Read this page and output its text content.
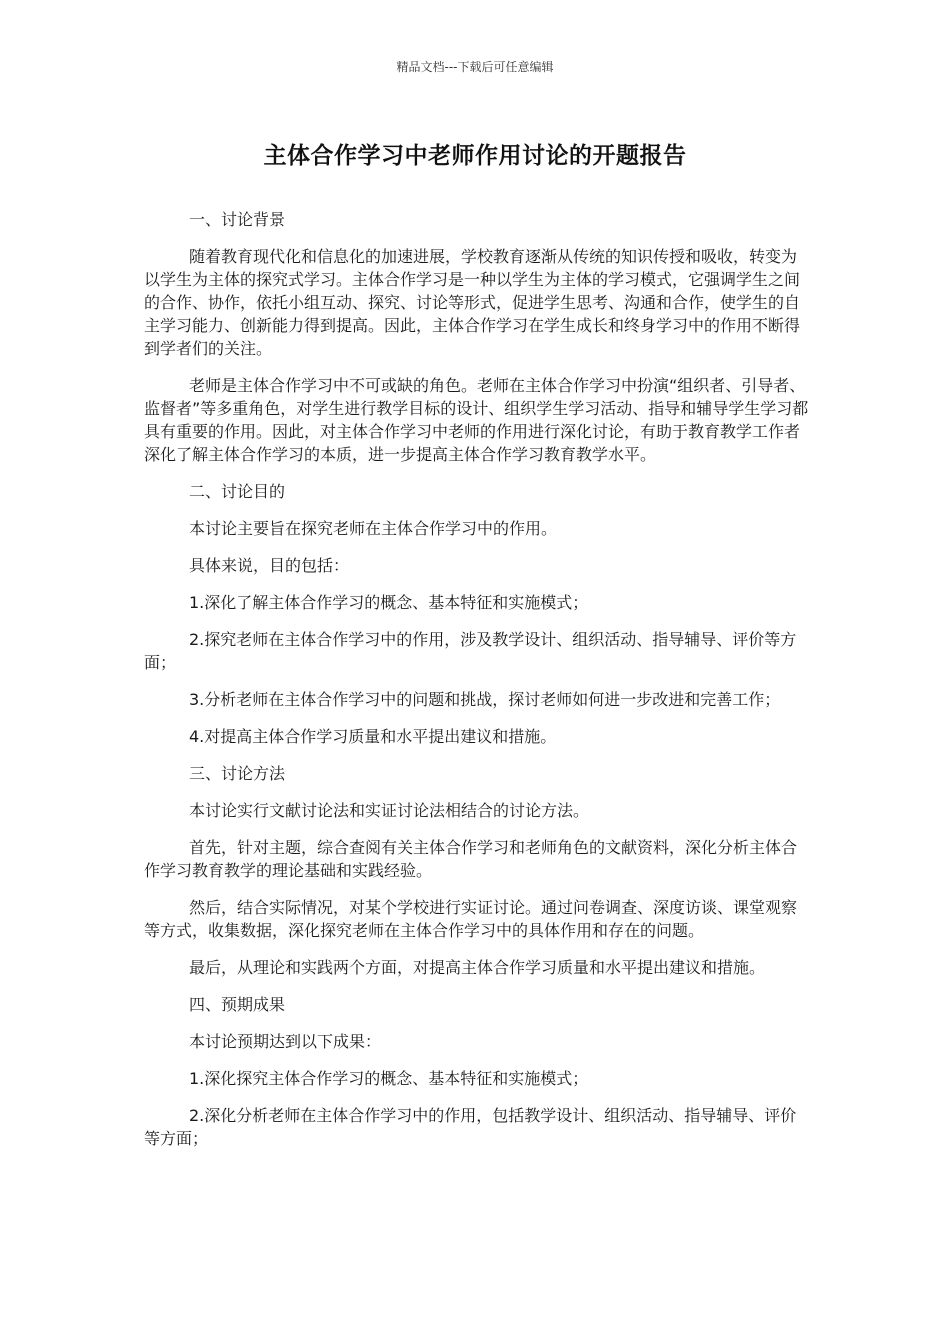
精品文档---下载后可任意编辑
主体合作学习中老师作用讨论的开题报告

一、讨论背景

随着教育现代化和信息化的加速进展，学校教育逐渐从传统的知识传授和吸收，转变为以学生为主体的探究式学习。主体合作学习是一种以学生为主体的学习模式，它强调学生之间的合作、协作，依托小组互动、探究、讨论等形式，促进学生思考、沟通和合作，使学生的自主学习能力、创新能力得到提高。因此，主体合作学习在学生成长和终身学习中的作用不断得到学者们的关注。

老师是主体合作学习中不可或缺的角色。老师在主体合作学习中扮演“组织者、引导者、监督者”等多重角色，对学生进行教学目标的设计、组织学生学习活动、指导和辅导学生学习都具有重要的作用。因此，对主体合作学习中老师的作用进行深化讨论，有助于教育教学工作者深化了解主体合作学习的本质，进一步提高主体合作学习教育教学水平。

二、讨论目的

本讨论主要旨在探究老师在主体合作学习中的作用。

具体来说，目的包括：

1.深化了解主体合作学习的概念、基本特征和实施模式；

2.探究老师在主体合作学习中的作用，涉及教学设计、组织活动、指导辅导、评价等方面；

3.分析老师在主体合作学习中的问题和挑战，探讨老师如何进一步改进和完善工作；

4.对提高主体合作学习质量和水平提出建议和措施。

三、讨论方法

本讨论实行文献讨论法和实证讨论法相结合的讨论方法。

首先，针对主题，综合查阅有关主体合作学习和老师角色的文献资料，深化分析主体合作学习教育教学的理论基础和实践经验。

然后，结合实际情况，对某个学校进行实证讨论。通过问卷调查、深度访谈、课堂观察等方式，收集数据，深化探究老师在主体合作学习中的具体作用和存在的问题。

最后，从理论和实践两个方面，对提高主体合作学习质量和水平提出建议和措施。

四、预期成果

本讨论预期达到以下成果：

1.深化探究主体合作学习的概念、基本特征和实施模式；

2.深化分析老师在主体合作学习中的作用，包括教学设计、组织活动、指导辅导、评价等方面；
